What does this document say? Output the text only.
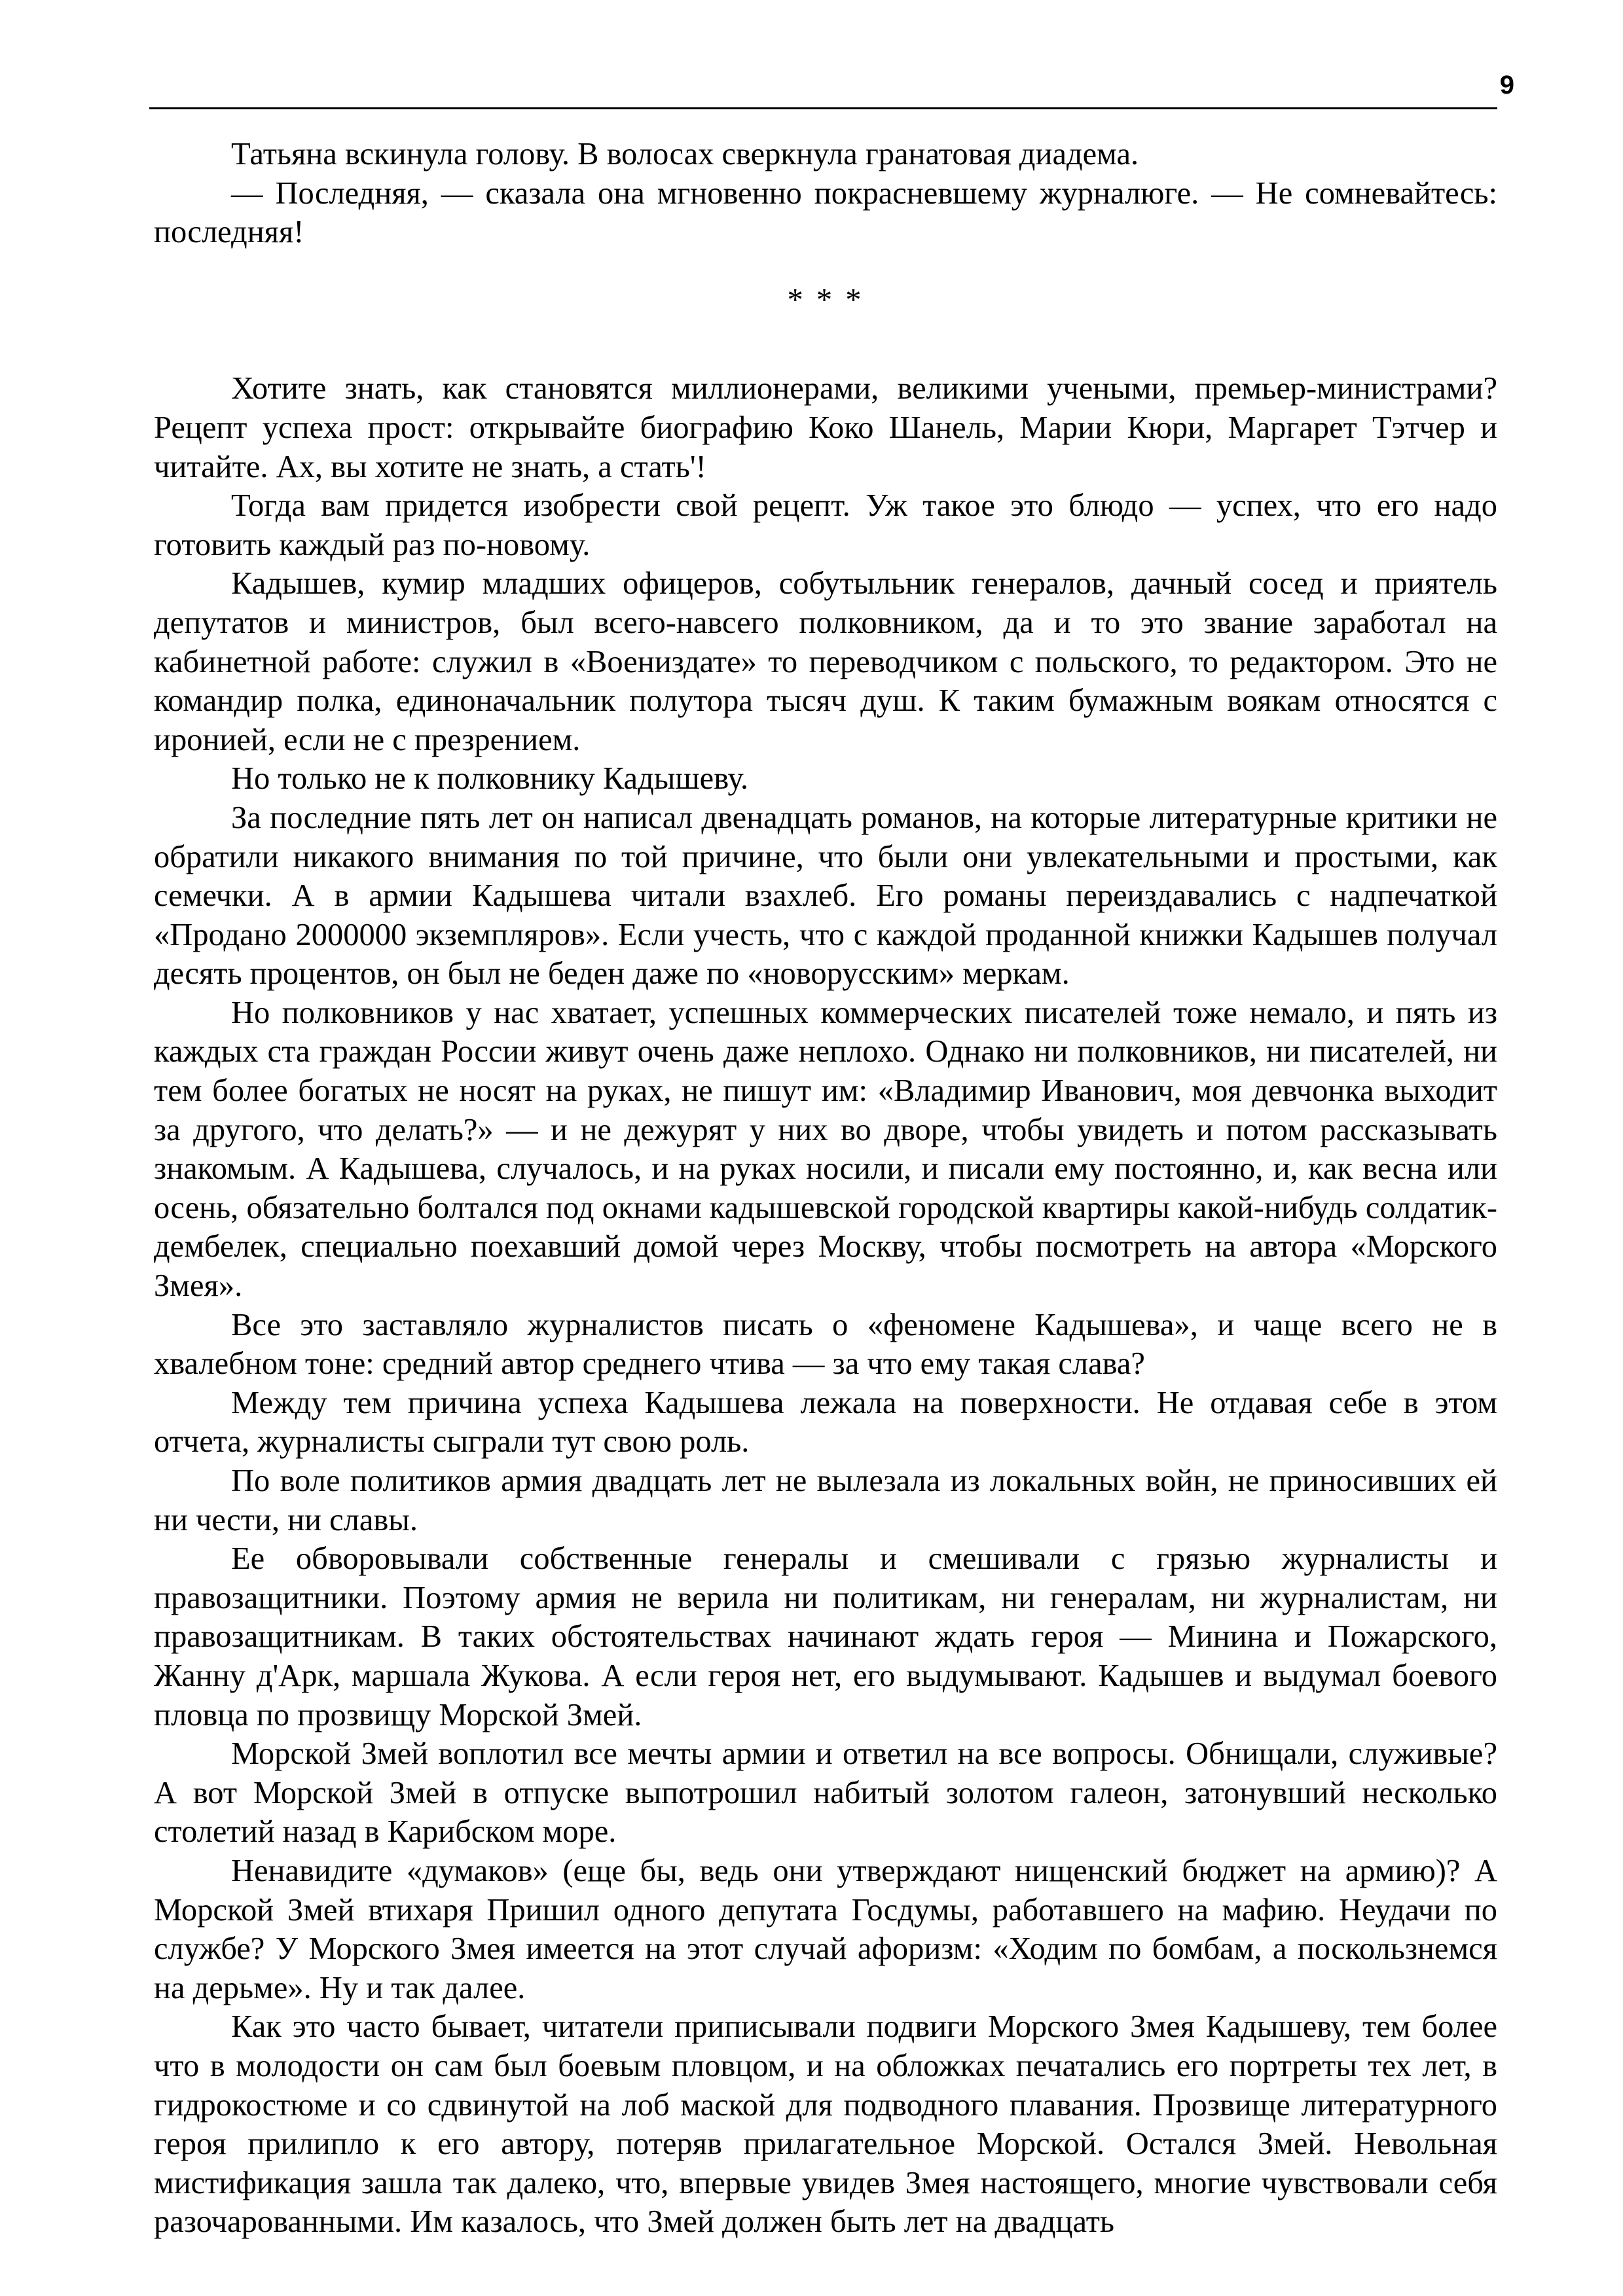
9

Татьяна вскинула голову. В волосах сверкнула гранатовая диадема.

— Последняя, — сказала она мгновенно покрасневшему журналюге. — Не сомневайтесь: последняя!

* * *

Хотите знать, как становятся миллионерами, великими учеными, премьер-министрами? Рецепт успеха прост: открывайте биографию Коко Шанель, Марии Кюри, Маргарет Тэтчер и читайте. Ах, вы хотите не знать, а стать'!

Тогда вам придется изобрести свой рецепт. Уж такое это блюдо — успех, что его надо готовить каждый раз по-новому.

Кадышев, кумир младших офицеров, собутыльник генералов, дачный сосед и приятель депутатов и министров, был всего-навсего полковником, да и то это звание заработал на кабинетной работе: служил в «Воениздате» то переводчиком с польского, то редактором. Это не командир полка, единоначальник полутора тысяч душ. К таким бумажным воякам относятся с иронией, если не с презрением.

Но только не к полковнику Кадышеву.

За последние пять лет он написал двенадцать романов, на которые литературные критики не обратили никакого внимания по той причине, что были они увлекательными и простыми, как семечки. А в армии Кадышева читали взахлеб. Его романы переиздавались с надпечаткой «Продано 2000000 экземпляров». Если учесть, что с каждой проданной книжки Кадышев получал десять процентов, он был не беден даже по «новорусским» меркам.

Но полковников у нас хватает, успешных коммерческих писателей тоже немало, и пять из каждых ста граждан России живут очень даже неплохо. Однако ни полковников, ни писателей, ни тем более богатых не носят на руках, не пишут им: «Владимир Иванович, моя девчонка выходит за другого, что делать?» — и не дежурят у них во дворе, чтобы увидеть и потом рассказывать знакомым. А Кадышева, случалось, и на руках носили, и писали ему постоянно, и, как весна или осень, обязательно болтался под окнами кадышевской городской квартиры какой-нибудь солдатик-дембелек, специально поехавший домой через Москву, чтобы посмотреть на автора «Морского Змея».

Все это заставляло журналистов писать о «феномене Кадышева», и чаще всего не в хвалебном тоне: средний автор среднего чтива — за что ему такая слава?

Между тем причина успеха Кадышева лежала на поверхности. Не отдавая себе в этом отчета, журналисты сыграли тут свою роль.

По воле политиков армия двадцать лет не вылезала из локальных войн, не приносивших ей ни чести, ни славы.

Ее обворовывали собственные генералы и смешивали с грязью журналисты и правозащитники. Поэтому армия не верила ни политикам, ни генералам, ни журналистам, ни правозащитникам. В таких обстоятельствах начинают ждать героя — Минина и Пожарского, Жанну д'Арк, маршала Жукова. А если героя нет, его выдумывают. Кадышев и выдумал боевого пловца по прозвищу Морской Змей.

Морской Змей воплотил все мечты армии и ответил на все вопросы. Обнищали, служивые? А вот Морской Змей в отпуске выпотрошил набитый золотом галеон, затонувший несколько столетий назад в Карибском море.

Ненавидите «думаков» (еще бы, ведь они утверждают нищенский бюджет на армию)? А Морской Змей втихаря Пришил одного депутата Госдумы, работавшего на мафию. Неудачи по службе? У Морского Змея имеется на этот случай афоризм: «Ходим по бомбам, а поскользнемся на дерьме». Ну и так далее.

Как это часто бывает, читатели приписывали подвиги Морского Змея Кадышеву, тем более что в молодости он сам был боевым пловцом, и на обложках печатались его портреты тех лет, в гидрокостюме и со сдвинутой на лоб маской для подводного плавания. Прозвище литературного героя прилипло к его автору, потеряв прилагательное Морской. Остался Змей. Невольная мистификация зашла так далеко, что, впервые увидев Змея настоящего, многие чувствовали себя разочарованными. Им казалось, что Змей должен быть лет на двадцать
